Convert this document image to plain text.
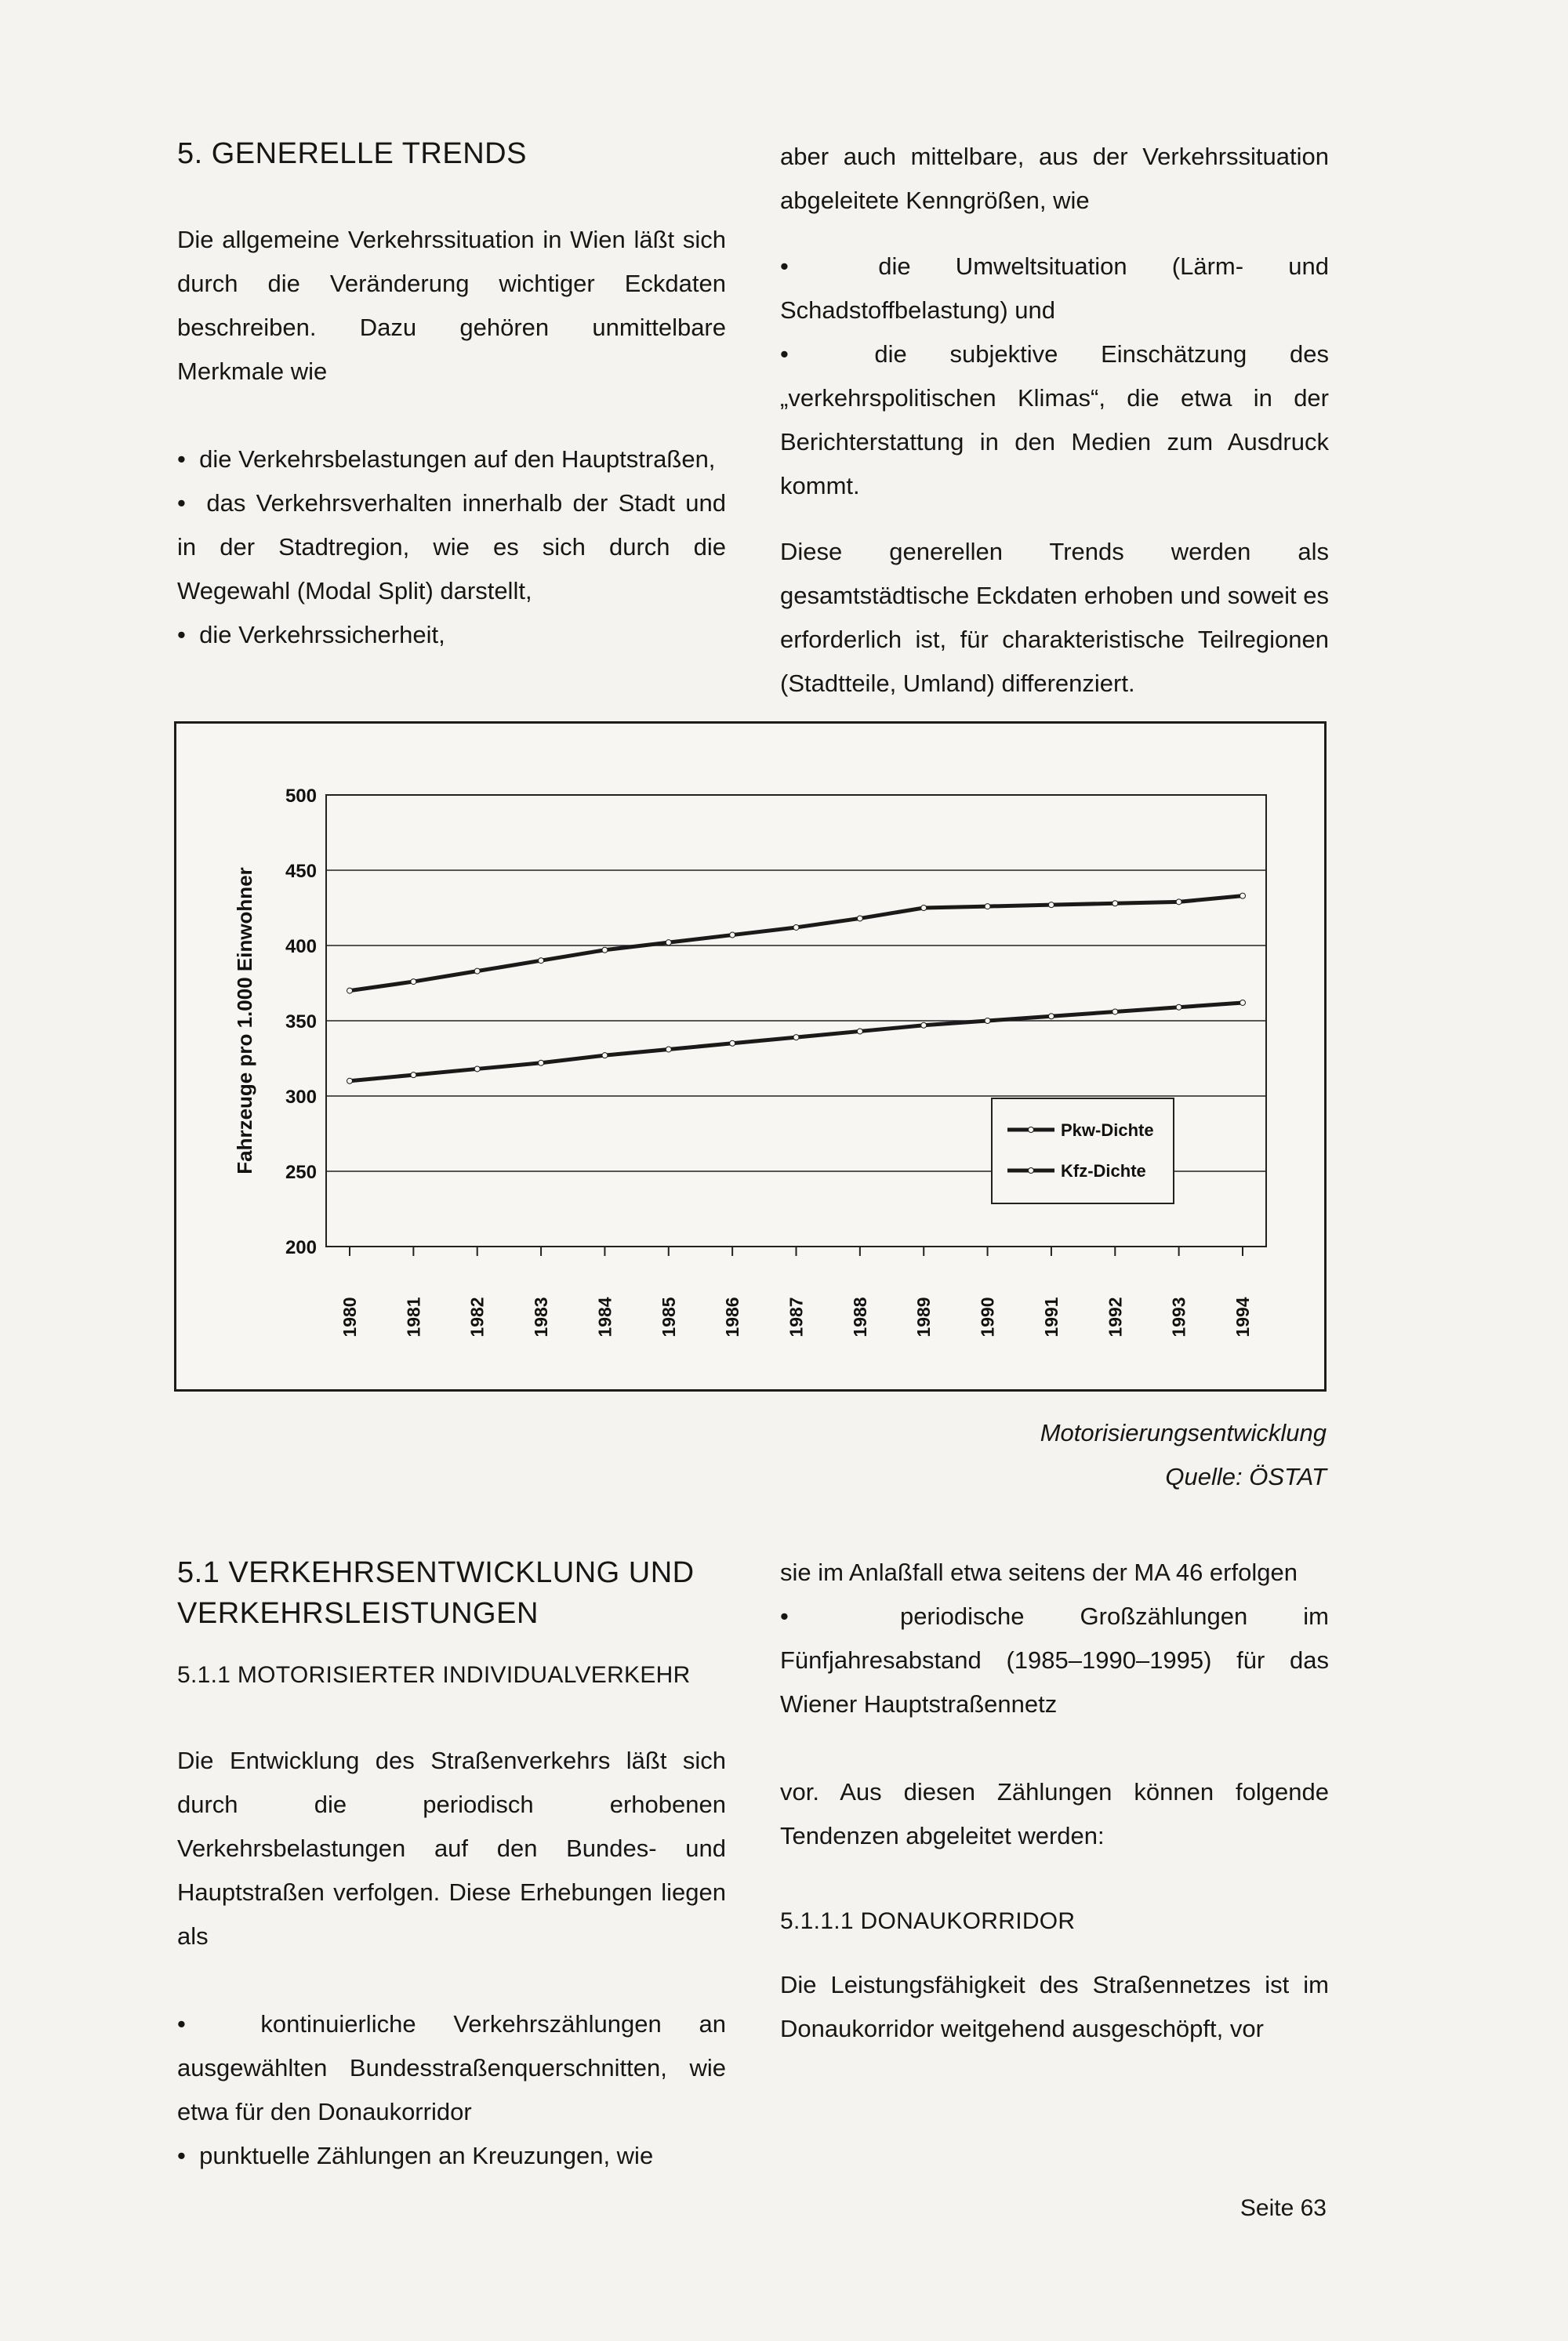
5. GENERELLE TRENDS

Die allgemeine Verkehrssituation in Wien läßt sich durch die Veränderung wichtiger Eckdaten beschreiben. Dazu gehören unmittelbare Merkmale wie

•  die Verkehrsbelastungen auf den Hauptstraßen,

•  das Verkehrsverhalten innerhalb der Stadt und in der Stadtregion, wie es sich durch die Wegewahl (Modal Split) darstellt,

•  die Verkehrssicherheit,

aber auch mittelbare, aus der Verkehrssituation abgeleitete Kenngrößen, wie

•  die Umweltsituation (Lärm- und Schadstoffbelastung) und

•  die subjektive Einschätzung des „verkehrspolitischen Klimas“, die etwa in der Berichterstattung in den Medien zum Ausdruck kommt.

Diese generellen Trends werden als gesamtstädtische Eckdaten erhoben und soweit es erforderlich ist, für charakteristische Teilregionen (Stadtteile, Umland) differenziert.

500
450
400
350
300
250
200
Fahrzeuge pro 1.000 Einwohner
1980 1981 1982 1983 1984 1985 1986 1987 1988 1989 1990 1991 1992 1993 1994
Pkw-Dichte
Kfz-Dichte
Motorisierungsentwicklung
Quelle: ÖSTAT
5.1 VERKEHRSENTWICKLUNG UND VERKEHRSLEISTUNGEN
5.1.1 MOTORISIERTER INDIVIDUALVERKEHR

Die Entwicklung des Straßenverkehrs läßt sich durch die periodisch erhobenen Verkehrsbelastungen auf den Bundes- und Hauptstraßen verfolgen. Diese Erhebungen liegen als

•  kontinuierliche Verkehrszählungen an ausgewählten Bundesstraßenquerschnitten, wie etwa für den Donaukorridor

•  punktuelle Zählungen an Kreuzungen, wie

sie im Anlaßfall etwa seitens der MA 46 erfolgen

•  periodische Großzählungen im Fünfjahresabstand (1985–1990–1995) für das Wiener Hauptstraßennetz

vor. Aus diesen Zählungen können folgende Tendenzen abgeleitet werden:

5.1.1.1 DONAUKORRIDOR

Die Leistungsfähigkeit des Straßennetzes ist im Donaukorridor weitgehend ausgeschöpft, vor

Seite 63
